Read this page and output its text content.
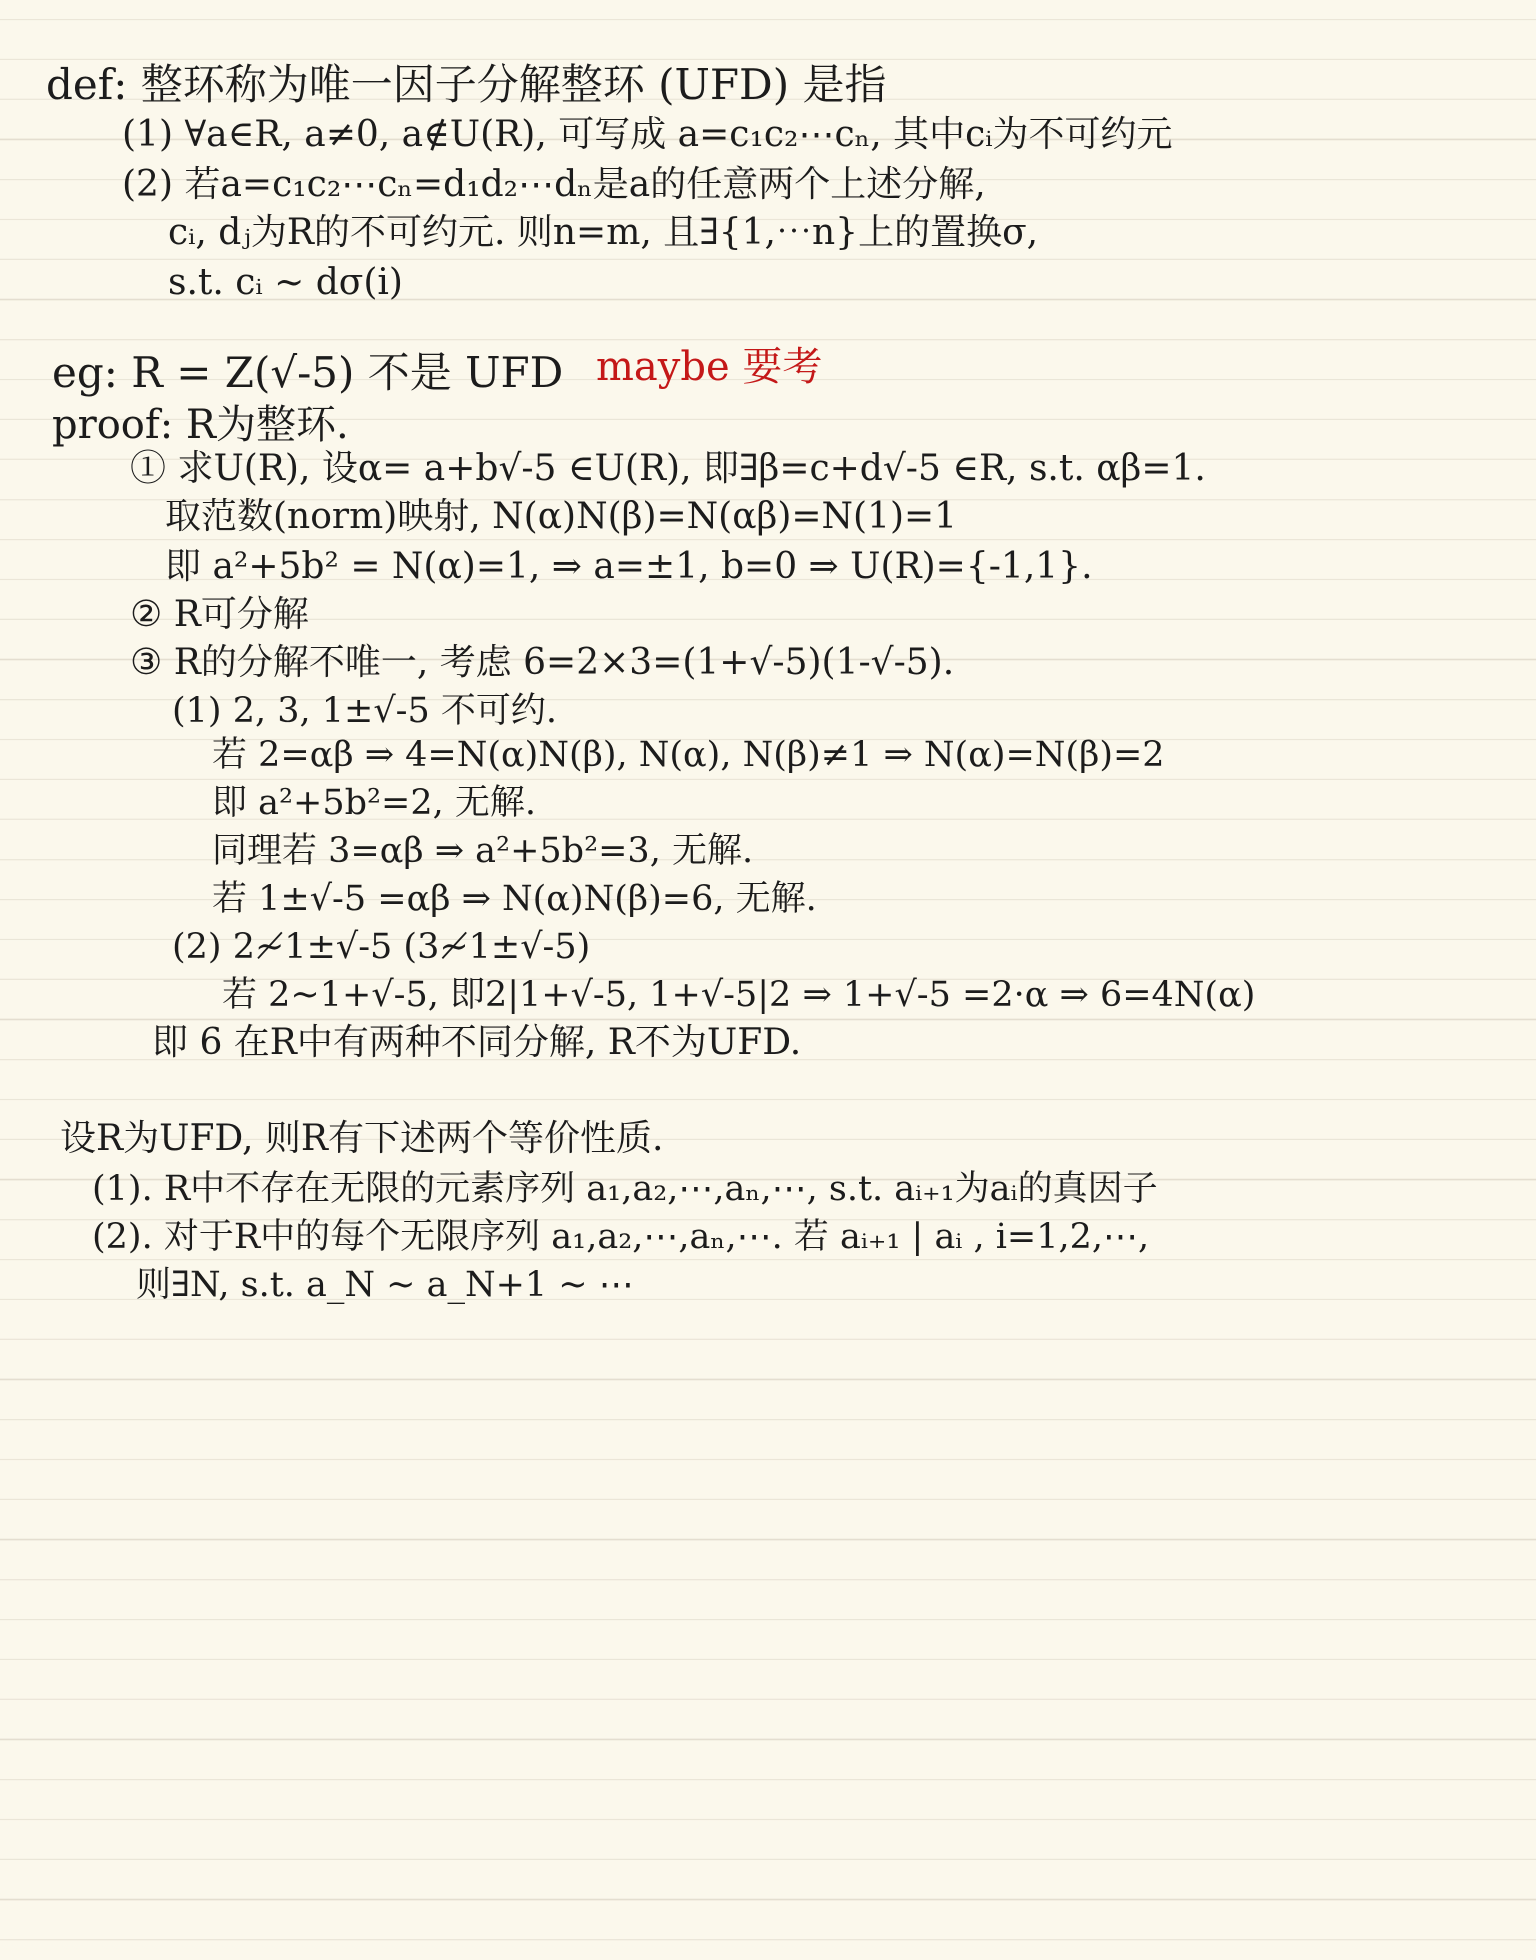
def: 整环称为唯一因子分解整环 (UFD) 是指
(1) ∀a∈R, a≠0, a∉U(R), 可写成 a=c₁c₂⋯cₙ, 其中cᵢ为不可约元
(2) 若a=c₁c₂⋯cₙ=d₁d₂⋯dₙ是a的任意两个上述分解,
cᵢ, dⱼ为R的不可约元. 则n=m, 且∃{1,⋯n}上的置换σ,
s.t. cᵢ ~ dσ(i)
eg: R = Z(√-5) 不是 UFD maybe 要考
proof: R为整环.
① 求U(R), 设α= a+b√-5 ∈U(R), 即∃β=c+d√-5 ∈R, s.t. αβ=1.
取范数(norm)映射, N(α)N(β)=N(αβ)=N(1)=1
即 a²+5b² = N(α)=1, ⇒ a=±1, b=0 ⇒ U(R)={-1,1}.
② R可分解
③ R的分解不唯一, 考虑 6=2×3=(1+√-5)(1-√-5).
(1) 2, 3, 1±√-5 不可约.
若 2=αβ ⇒ 4=N(α)N(β), N(α), N(β)≠1 ⇒ N(α)=N(β)=2
即 a²+5b²=2, 无解.
同理若 3=αβ ⇒ a²+5b²=3, 无解.
若 1±√-5 =αβ ⇒ N(α)N(β)=6, 无解.
(2) 2≁1±√-5 (3≁1±√-5)
若 2~1+√-5, 即2|1+√-5, 1+√-5|2 ⇒ 1+√-5 =2·α ⇒ 6=4N(α)
即 6 在R中有两种不同分解, R不为UFD.
设R为UFD, 则R有下述两个等价性质.
(1). R中不存在无限的元素序列 a₁,a₂,⋯,aₙ,⋯, s.t. aᵢ₊₁为aᵢ的真因子
(2). 对于R中的每个无限序列 a₁,a₂,⋯,aₙ,⋯. 若 aᵢ₊₁ | aᵢ , i=1,2,⋯,
则∃N, s.t. a_N ~ a_N+1 ~ ⋯
